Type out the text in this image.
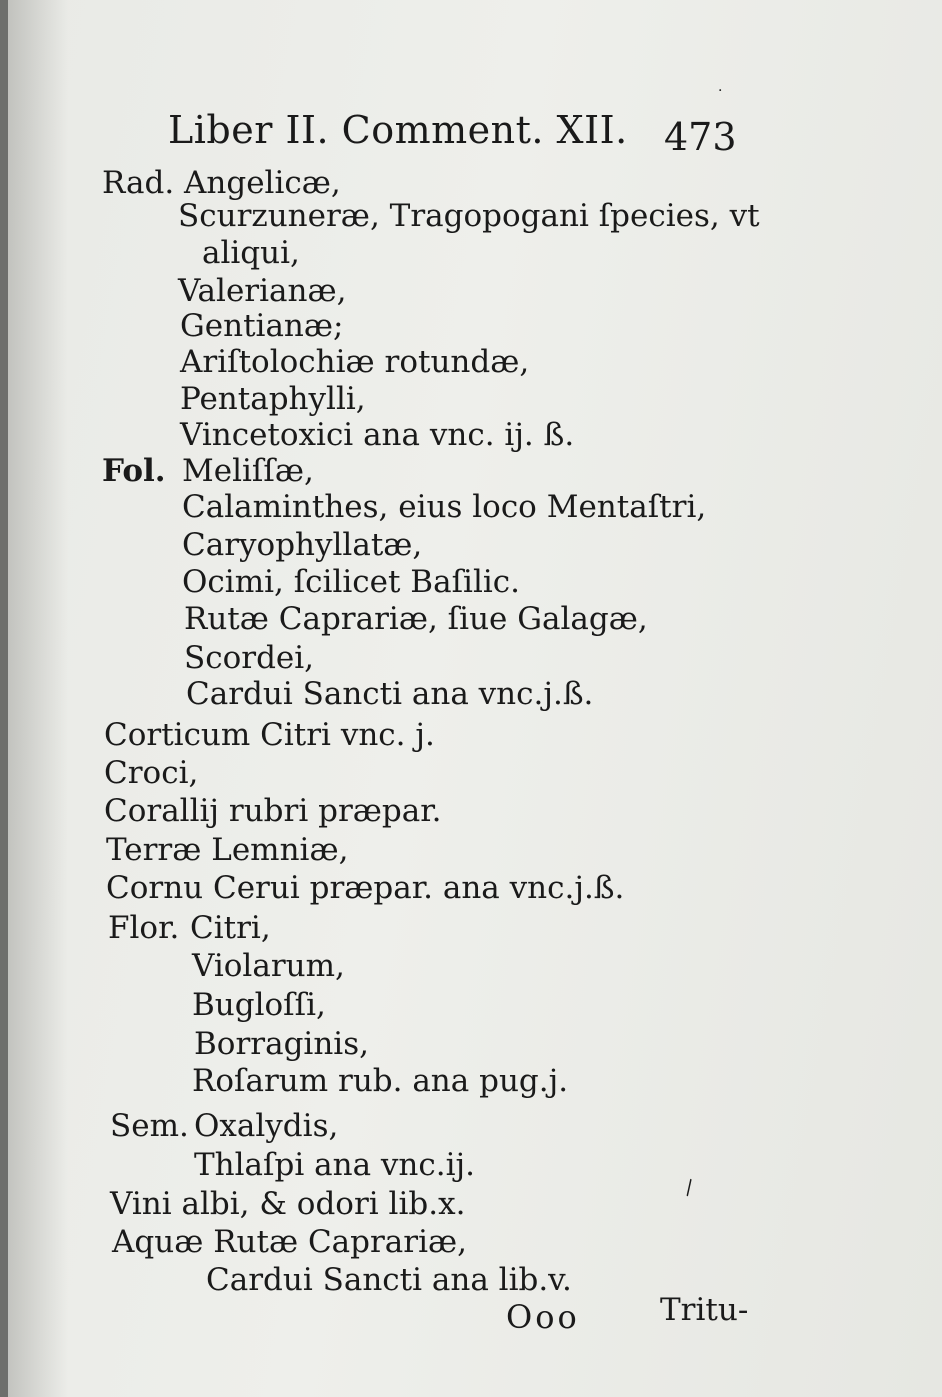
·
Liber II. Comment. XII. 473
Rad. Angelicæ,
Scurzuneræ, Tragopogani ſpecies, vt
aliqui,
Valerianæ,
Gentianæ;
Ariſtolochiæ rotundæ,
Pentaphylli,
Vincetoxici ana vnc. ij. ß.
Fol. Meliſſæ,
Calaminthes, eius loco Mentaſtri,
Caryophyllatæ,
Ocimi, ſcilicet Baſilic.
Rutæ Caprariæ, ſiue Galagæ,
Scordei,
Cardui Sancti ana vnc.j.ß.
Corticum Citri vnc. j.
Croci,
Corallij rubri præpar.
Terræ Lemniæ,
Cornu Cerui præpar. ana vnc.j.ß.
Flor. Citri,
Violarum,
Bugloſſi,
Borraginis,
Roſarum rub. ana pug.j.
Sem. Oxalydis,
Thlaſpi ana vnc.ij.
\
Vini albi, & odori lib.x.
Aquæ Rutæ Caprariæ,
Cardui Sancti ana lib.v.
Ooo	Tritu-
